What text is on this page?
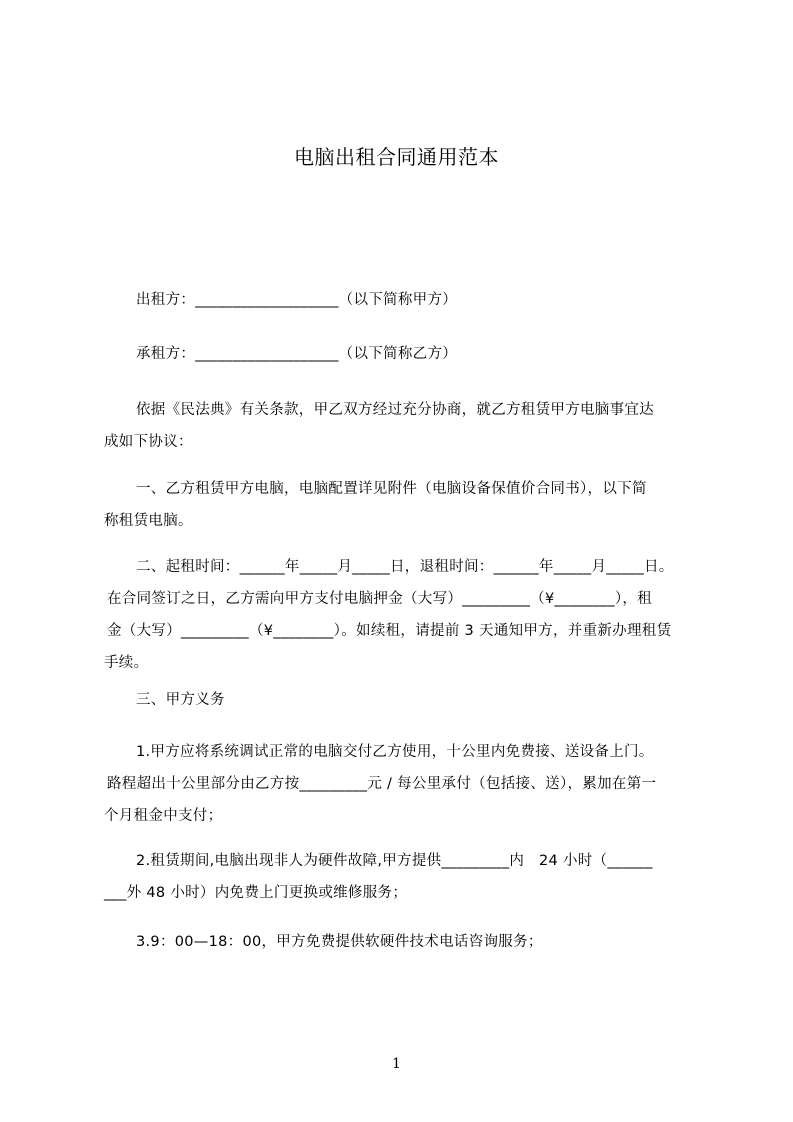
电脑出租合同通用范本
出租方：___________________（以下简称甲方）
承租方：___________________（以下简称乙方）
依据《民法典》有关条款，甲乙双方经过充分协商，就乙方租赁甲方电脑事宜达
成如下协议：
一、乙方租赁甲方电脑，电脑配置详见附件（电脑设备保值价合同书），以下简
称租赁电脑。
二、起租时间：______年_____月_____日，退租时间：______年_____月_____日。
在合同签订之日，乙方需向甲方支付电脑押金（大写）_________（¥________），租
金（大写）_________（¥________）。如续租，请提前 3 天通知甲方，并重新办理租赁
手续。
三、甲方义务
1.甲方应将系统调试正常的电脑交付乙方使用，十公里内免费接、送设备上门。
路程超出十公里部分由乙方按_________元 / 每公里承付（包括接、送），累加在第一
个月租金中支付；
2.租赁期间,电脑出现非人为硬件故障,甲方提供_________内　24 小时（______
___外 48 小时）内免费上门更换或维修服务；
3.9：00—18：00，甲方免费提供软硬件技术电话咨询服务；
1
